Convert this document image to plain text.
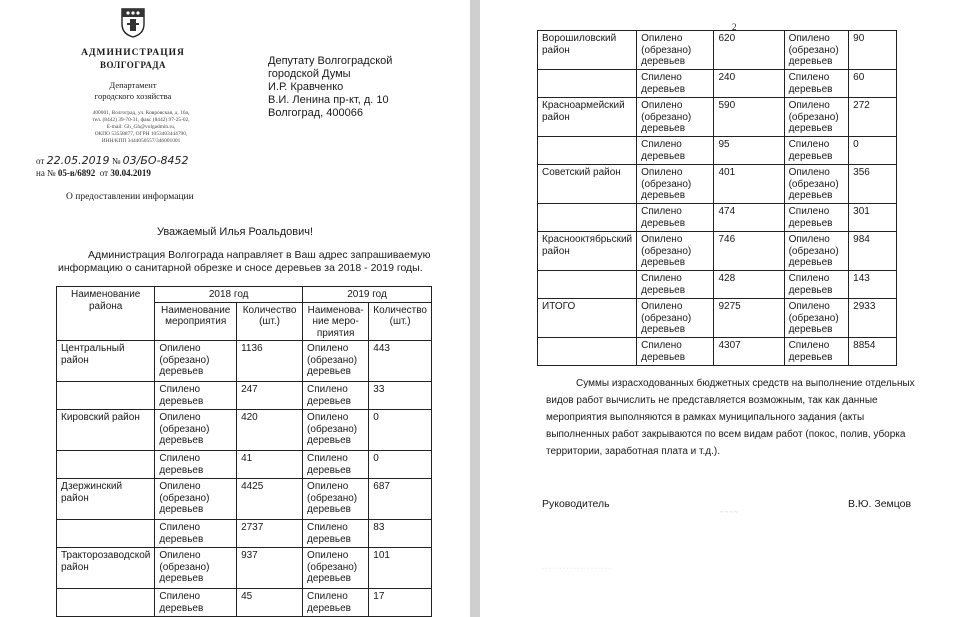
АДМИНИСТРАЦИЯ
ВОЛГОГРАДА
Департамент
городского хозяйства
400001, Волгоград, ул. Ковровская, д. 16а,
тел. (8442) 39-70-31, факс (8442) 97-25-02,
E-mail: Gh_Gh@volgadmin.ru,
ОКПО 53558877, ОГРН 1053403444790,
ИНН/КПП 3444050557/346001001
от 22.05.2019 № 03/БО-8452
на № 05-в/6892 от 30.04.2019
О предоставлении информации
Депутату Волгоградской
городской Думы
И.Р. Кравченко
В.И. Ленина пр-кт, д. 10
Волгоград, 400066
Уважаемый Илья Роальдович!
Администрация Волгограда направляет в Ваш адрес запрашиваемую информацию о санитарной обрезке и сносе деревьев за 2018 - 2019 годы.
Наименование района	2018 год		2019 год	
	Наименование мероприятия	Количество (шт.)	Наименова-ние меро-приятия	Количество (шт.)
Центральный район	Опилено (обрезано) деревьев	1136	Опилено (обрезано) деревьев	443
	Спилено деревьев	247	Спилено деревьев	33
Кировский район	Опилено (обрезано) деревьев	420	Опилено (обрезано) деревьев	0
	Спилено деревьев	41	Спилено деревьев	0
Дзержинский район	Опилено (обрезано) деревьев	4425	Опилено (обрезано) деревьев	687
	Спилено деревьев	2737	Спилено деревьев	83
Тракторозаводской район	Опилено (обрезано) деревьев	937	Опилено (обрезано) деревьев	101
	Спилено деревьев	45	Спилено деревьев	17
2
Ворошиловский район	Опилено (обрезано) деревьев	620	Опилено (обрезано) деревьев	90
	Спилено деревьев	240	Спилено деревьев	60
Красноармейский район	Опилено (обрезано) деревьев	590	Опилено (обрезано) деревьев	272
	Спилено деревьев	95	Спилено деревьев	0
Советский район	Опилено (обрезано) деревьев	401	Опилено (обрезано) деревьев	356
	Спилено деревьев	474	Спилено деревьев	301
Краснооктябрьский район	Опилено (обрезано) деревьев	746	Опилено (обрезано) деревьев	984
	Спилено деревьев	428	Спилено деревьев	143
ИТОГО	Опилено (обрезано) деревьев	9275	Опилено (обрезано) деревьев	2933
	Спилено деревьев	4307	Спилено деревьев	8854
Суммы израсходованных бюджетных средств на выполнение отдельных видов работ вычислить не представляется возможным, так как данные мероприятия выполняются в рамках муниципального задания (акты выполненных работ закрываются по всем видам работ (покос, полив, уборка территории, заработная плата и т.д.).
Руководитель
~ ~ ~ ~
В.Ю. Земцов
· · · · · · · · · · · · · · · · · · · ·
